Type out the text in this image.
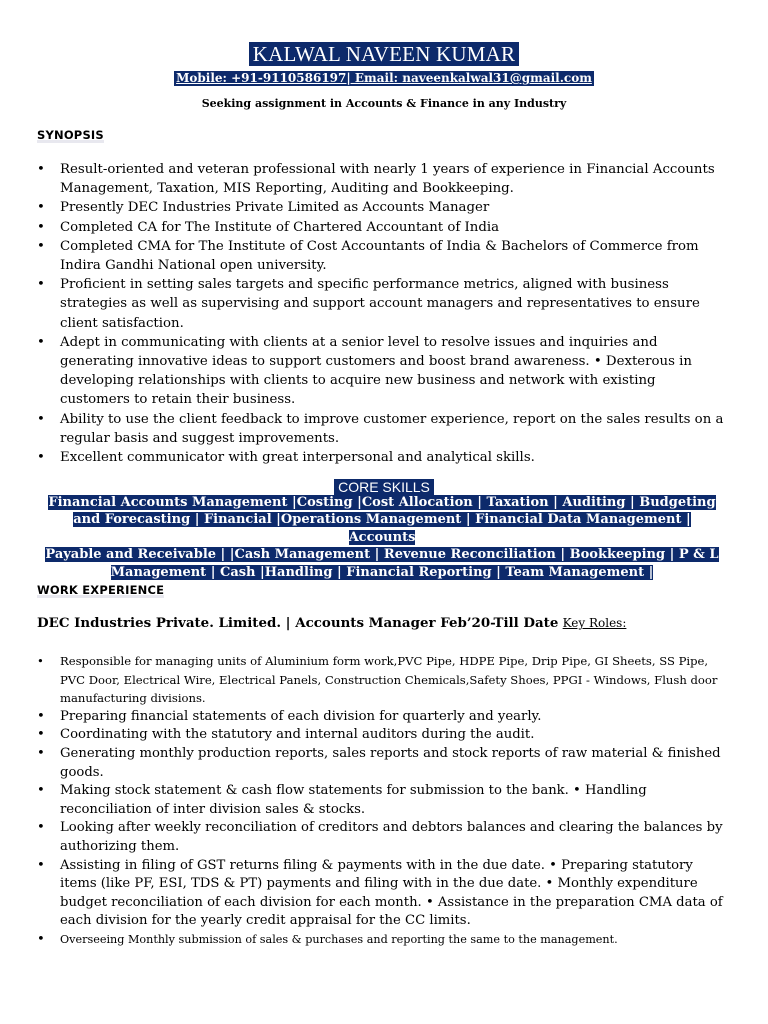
KALWAL NAVEEN KUMAR
Mobile: +91-9110586197| Email: naveenkalwal31@gmail.com
Seeking assignment in Accounts & Finance in any Industry
SYNOPSIS
• Result-oriented and veteran professional with nearly 1 years of experience in Financial Accounts Management, Taxation, MIS Reporting, Auditing and Bookkeeping.
• Presently DEC Industries Private Limited as Accounts Manager
• Completed CA for The Institute of Chartered Accountant of India
• Completed CMA for The Institute of Cost Accountants of India & Bachelors of Commerce from Indira Gandhi National open university.
• Proficient in setting sales targets and specific performance metrics, aligned with business strategies as well as supervising and support account managers and representatives to ensure client satisfaction.
• Adept in communicating with clients at a senior level to resolve issues and inquiries and generating innovative ideas to support customers and boost brand awareness. • Dexterous in developing relationships with clients to acquire new business and network with existing customers to retain their business.
• Ability to use the client feedback to improve customer experience, report on the sales results on a regular basis and suggest improvements.
• Excellent communicator with great interpersonal and analytical skills.
CORE SKILLS
Financial Accounts Management |Costing |Cost Allocation | Taxation | Auditing | Budgeting
and Forecasting | Financial |Operations Management | Financial Data Management | Accounts
Payable and Receivable | |Cash Management | Revenue Reconciliation | Bookkeeping | P & L
Management | Cash |Handling | Financial Reporting | Team Management |
WORK EXPERIENCE
DEC Industries Private. Limited. | Accounts Manager Feb’20-Till Date Key Roles:
• Responsible for managing units of Aluminium form work,PVC Pipe, HDPE Pipe, Drip Pipe, GI Sheets, SS Pipe, PVC Door, Electrical Wire, Electrical Panels, Construction Chemicals,Safety Shoes, PPGI - Windows, Flush door manufacturing divisions.
• Preparing financial statements of each division for quarterly and yearly.
• Coordinating with the statutory and internal auditors during the audit.
• Generating monthly production reports, sales reports and stock reports of raw material & finished goods.
• Making stock statement & cash flow statements for submission to the bank. • Handling reconciliation of inter division sales & stocks.
• Looking after weekly reconciliation of creditors and debtors balances and clearing the balances by authorizing them.
• Assisting in filing of GST returns filing & payments with in the due date. • Preparing statutory items (like PF, ESI, TDS & PT) payments and filing with in the due date. • Monthly expenditure budget reconciliation of each division for each month. • Assistance in the preparation CMA data of each division for the yearly credit appraisal for the CC limits.
• Overseeing Monthly submission of sales & purchases and reporting the same to the management.
